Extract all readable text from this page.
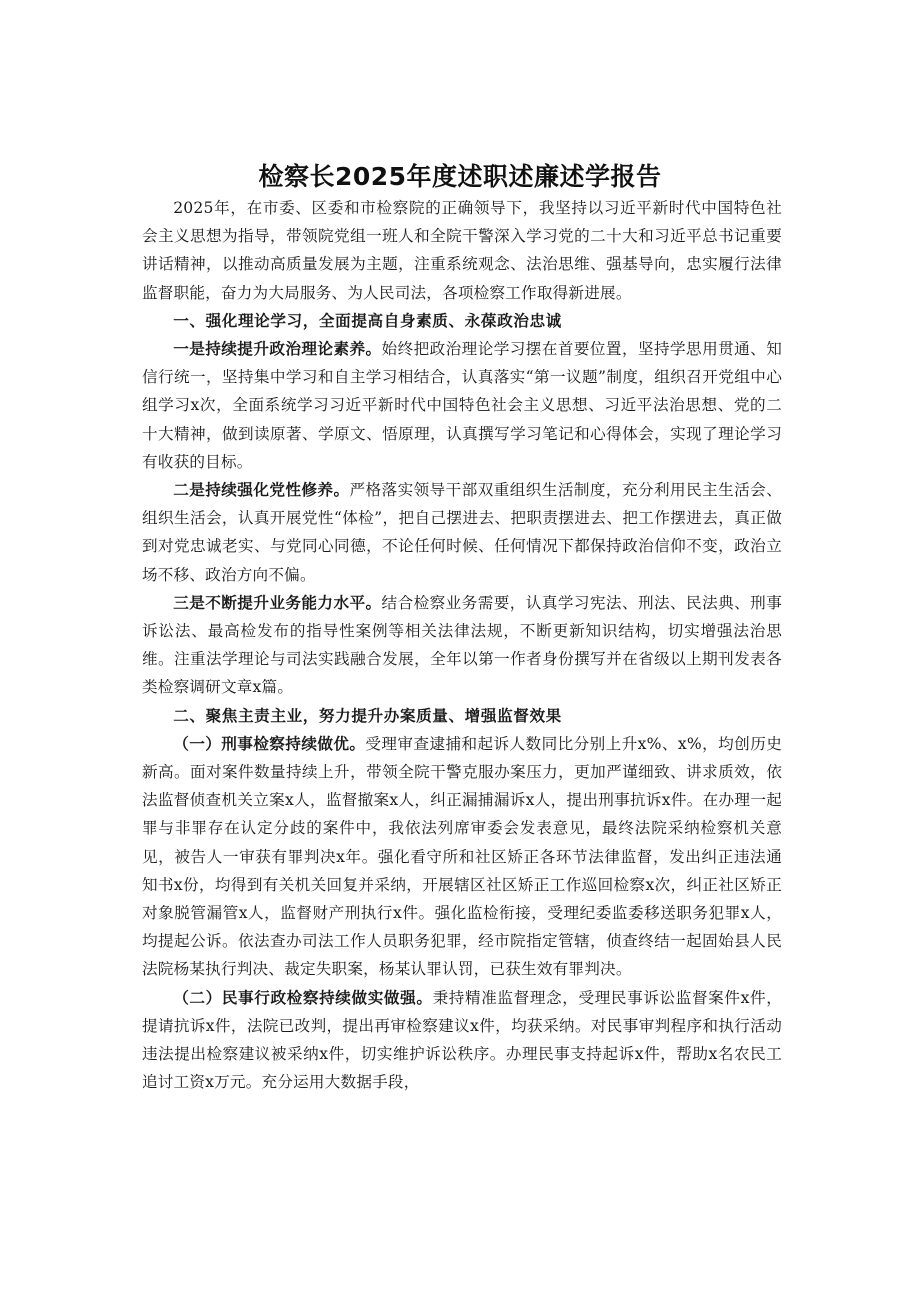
检察长2025年度述职述廉述学报告

2025年，在市委、区委和市检察院的正确领导下，我坚持以习近平新时代中国特色社会主义思想为指导，带领院党组一班人和全院干警深入学习党的二十大和习近平总书记重要讲话精神，以推动高质量发展为主题，注重系统观念、法治思维、强基导向，忠实履行法律监督职能，奋力为大局服务、为人民司法，各项检察工作取得新进展。

一、强化理论学习，全面提高自身素质、永葆政治忠诚

一是持续提升政治理论素养。始终把政治理论学习摆在首要位置，坚持学思用贯通、知信行统一，坚持集中学习和自主学习相结合，认真落实“第一议题”制度，组织召开党组中心组学习x次，全面系统学习习近平新时代中国特色社会主义思想、习近平法治思想、党的二十大精神，做到读原著、学原文、悟原理，认真撰写学习笔记和心得体会，实现了理论学习有收获的目标。

二是持续强化党性修养。严格落实领导干部双重组织生活制度，充分利用民主生活会、组织生活会，认真开展党性“体检”，把自己摆进去、把职责摆进去、把工作摆进去，真正做到对党忠诚老实、与党同心同德，不论任何时候、任何情况下都保持政治信仰不变，政治立场不移、政治方向不偏。

三是不断提升业务能力水平。结合检察业务需要，认真学习宪法、刑法、民法典、刑事诉讼法、最高检发布的指导性案例等相关法律法规，不断更新知识结构，切实增强法治思维。注重法学理论与司法实践融合发展，全年以第一作者身份撰写并在省级以上期刊发表各类检察调研文章x篇。

二、聚焦主责主业，努力提升办案质量、增强监督效果

（一）刑事检察持续做优。受理审查逮捕和起诉人数同比分别上升x%、x%，均创历史新高。面对案件数量持续上升，带领全院干警克服办案压力，更加严谨细致、讲求质效，依法监督侦查机关立案x人，监督撤案x人，纠正漏捕漏诉x人，提出刑事抗诉x件。在办理一起罪与非罪存在认定分歧的案件中，我依法列席审委会发表意见，最终法院采纳检察机关意见，被告人一审获有罪判决x年。强化看守所和社区矫正各环节法律监督，发出纠正违法通知书x份，均得到有关机关回复并采纳，开展辖区社区矫正工作巡回检察x次，纠正社区矫正对象脱管漏管x人，监督财产刑执行x件。强化监检衔接，受理纪委监委移送职务犯罪x人，均提起公诉。依法查办司法工作人员职务犯罪，经市院指定管辖，侦查终结一起固始县人民法院杨某执行判决、裁定失职案，杨某认罪认罚，已获生效有罪判决。

（二）民事行政检察持续做实做强。秉持精准监督理念，受理民事诉讼监督案件x件，提请抗诉x件，法院已改判，提出再审检察建议x件，均获采纳。对民事审判程序和执行活动违法提出检察建议被采纳x件，切实维护诉讼秩序。办理民事支持起诉x件，帮助x名农民工追讨工资x万元。充分运用大数据手段，
